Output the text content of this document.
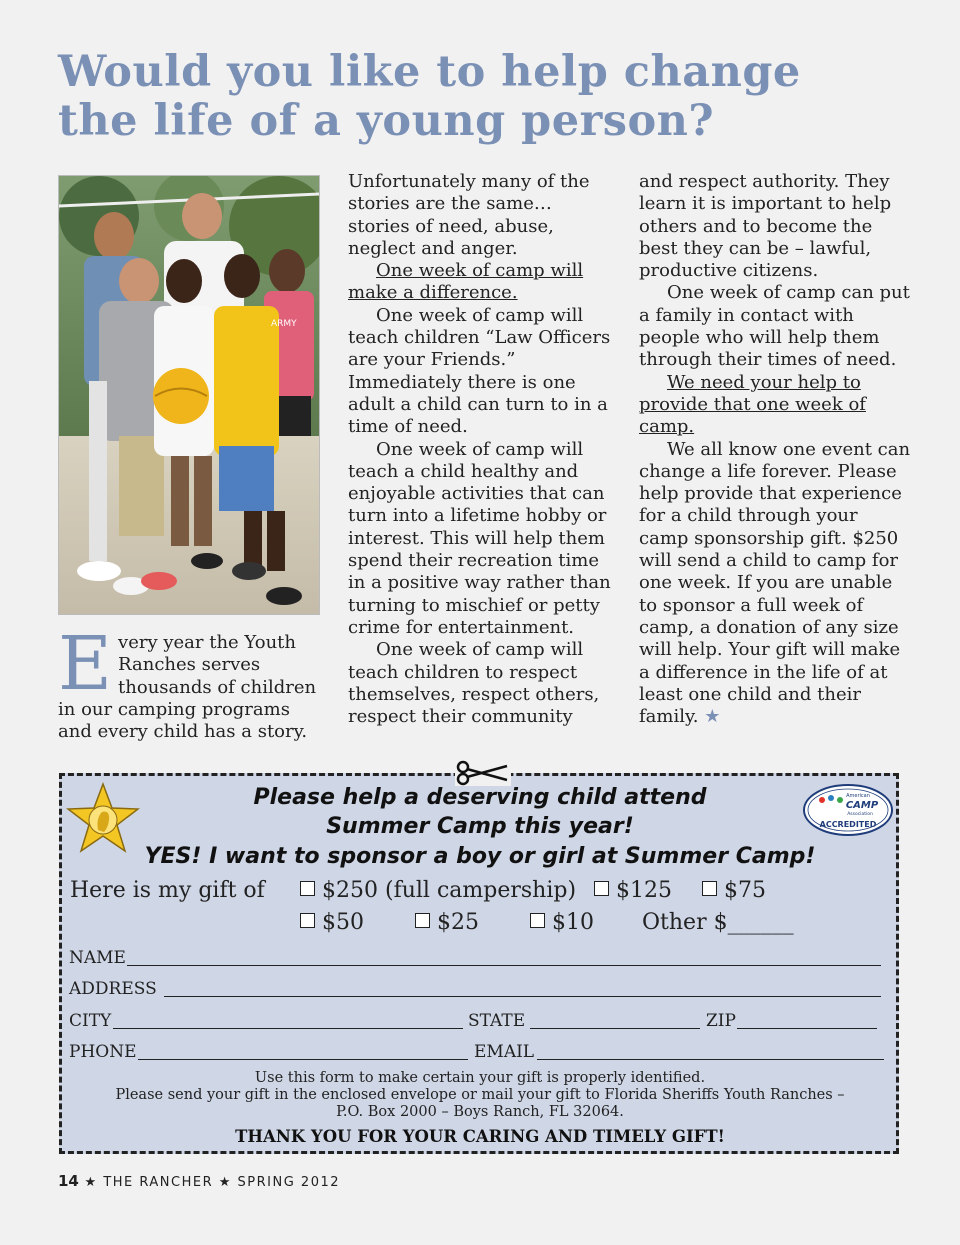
Would you like to help change
the life of a young person?
ARMY

Every year the Youth Ranches serves thousands of children in our camping programs and every child has a story.

Unfortunately many of the stories are the same… stories of need, abuse, neglect and anger.

One week of camp will make a difference.

One week of camp will teach children “Law Officers are your Friends.” Immediately there is one adult a child can turn to in a time of need.

One week of camp will teach a child healthy and enjoyable activities that can turn into a lifetime hobby or interest. This will help them spend their recreation time in a positive way rather than turning to mischief or petty crime for entertainment.

One week of camp will teach children to respect themselves, respect others, respect their community

and respect authority. They learn it is important to help others and to become the best they can be – lawful, productive citizens.

One week of camp can put a family in contact with people who will help them through their times of need.

We need your help to provide that one week of camp.

We all know one event can change a life forever. Please help provide that experience for a child through your camp sponsorship gift. $250 will send a child to camp for one week. If you are unable to sponsor a full week of camp, a donation of any size will help. Your gift will make a difference in the life of at least one child and their family. ★

American
CAMP
Association
ACCREDITED
Please help a deserving child attend
Summer Camp this year!
YES! I want to sponsor a boy or girl at Summer Camp!
Here is my gift of	$250 (full campership)	$125	$75
$50	$25	$10 Other $______
NAME
ADDRESS
CITY	STATE	ZIP
PHONE	EMAIL
Use this form to make certain your gift is properly identified.
Please send your gift in the enclosed envelope or mail your gift to Florida Sheriffs Youth Ranches –
P.O. Box 2000 – Boys Ranch, FL 32064.
THANK YOU FOR YOUR CARING AND TIMELY GIFT!
14 ★ THE RANCHER ★ SPRING 2012
